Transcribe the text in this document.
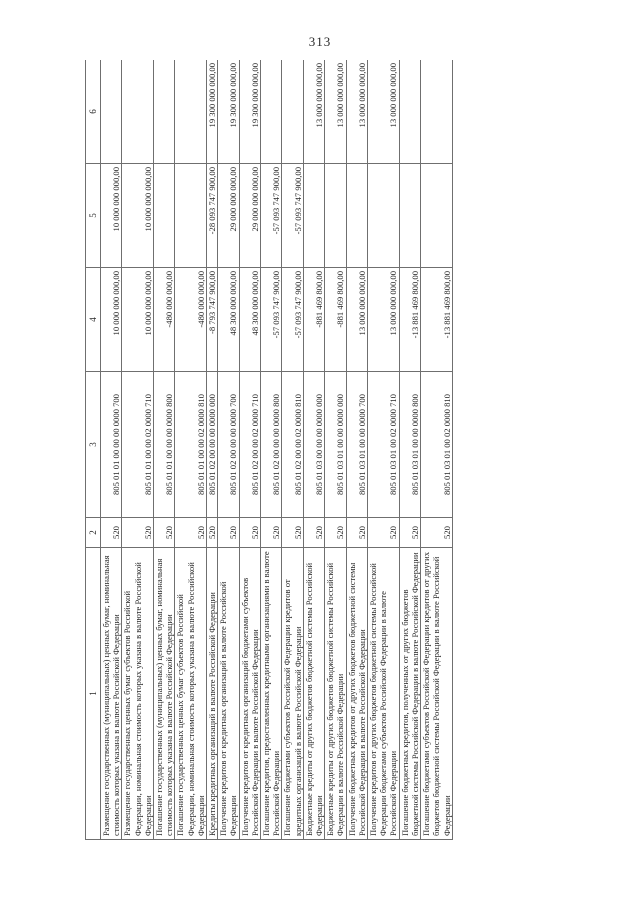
313
1	2	3	4	5	6
Размещение государственных (муниципальных) ценных бумаг, номинальная стоимость которых указана в валюте Российской Федерации	520	805 01 01 00 00 00 0000 700	10 000 000 000,00	10 000 000 000,00	
Размещение государственных ценных бумаг субъектов Российской Федерации, номинальная стоимость которых указана в валюте Российской Федерации	520	805 01 01 00 00 02 0000 710	10 000 000 000,00	10 000 000 000,00	
Погашение государственных (муниципальных) ценных бумаг, номинальная стоимость которых указана в валюте Российской Федерации	520	805 01 01 00 00 00 0000 800	-480 000 000,00		
Погашение государственных ценных бумаг субъектов Российской Федерации, номинальная стоимость которых указана в валюте Российской Федерации	520	805 01 01 00 00 02 0000 810	-480 000 000,00		
Кредиты кредитных организаций в валюте Российской Федерации	520	805 01 02 00 00 00 0000 000	-8 793 747 900,00	-28 093 747 900,00	19 300 000 000,00
Получение кредитов от кредитных организаций в валюте Российской Федерации	520	805 01 02 00 00 00 0000 700	48 300 000 000,00	29 000 000 000,00	19 300 000 000,00
Получение кредитов от кредитных организаций бюджетами субъектов Российской Федерации в валюте Российской Федерации	520	805 01 02 00 00 02 0000 710	48 300 000 000,00	29 000 000 000,00	19 300 000 000,00
Погашение кредитов, предоставленных кредитными организациями в валюте Российской Федерации	520	805 01 02 00 00 00 0000 800	-57 093 747 900,00	-57 093 747 900,00	
Погашение бюджетами субъектов Российской Федерации кредитов от кредитных организаций в валюте Российской Федерации	520	805 01 02 00 00 02 0000 810	-57 093 747 900,00	-57 093 747 900,00	
Бюджетные кредиты от других бюджетов бюджетной системы Российской Федерации	520	805 01 03 00 00 00 0000 000	-881 469 800,00		13 000 000 000,00
Бюджетные кредиты от других бюджетов бюджетной системы Российской Федерации в валюте Российской Федерации	520	805 01 03 01 00 00 0000 000	-881 469 800,00		13 000 000 000,00
Получение бюджетных кредитов от других бюджетов бюджетной системы Российской Федерации в валюте Российской Федерации	520	805 01 03 01 00 00 0000 700	13 000 000 000,00		13 000 000 000,00
Получение кредитов от других бюджетов бюджетной системы Российской Федерации бюджетами субъектов Российской Федерации в валюте Российской Федерации	520	805 01 03 01 00 02 0000 710	13 000 000 000,00		13 000 000 000,00
Погашение бюджетных кредитов, полученных от других бюджетов бюджетной системы Российской Федерации в валюте Российской Федерации	520	805 01 03 01 00 00 0000 800	-13 881 469 800,00		
Погашение бюджетами субъектов Российской Федерации кредитов от других бюджетов бюджетной системы Российской Федерации в валюте Российской Федерации	520	805 01 03 01 00 02 0000 810	-13 881 469 800,00		
